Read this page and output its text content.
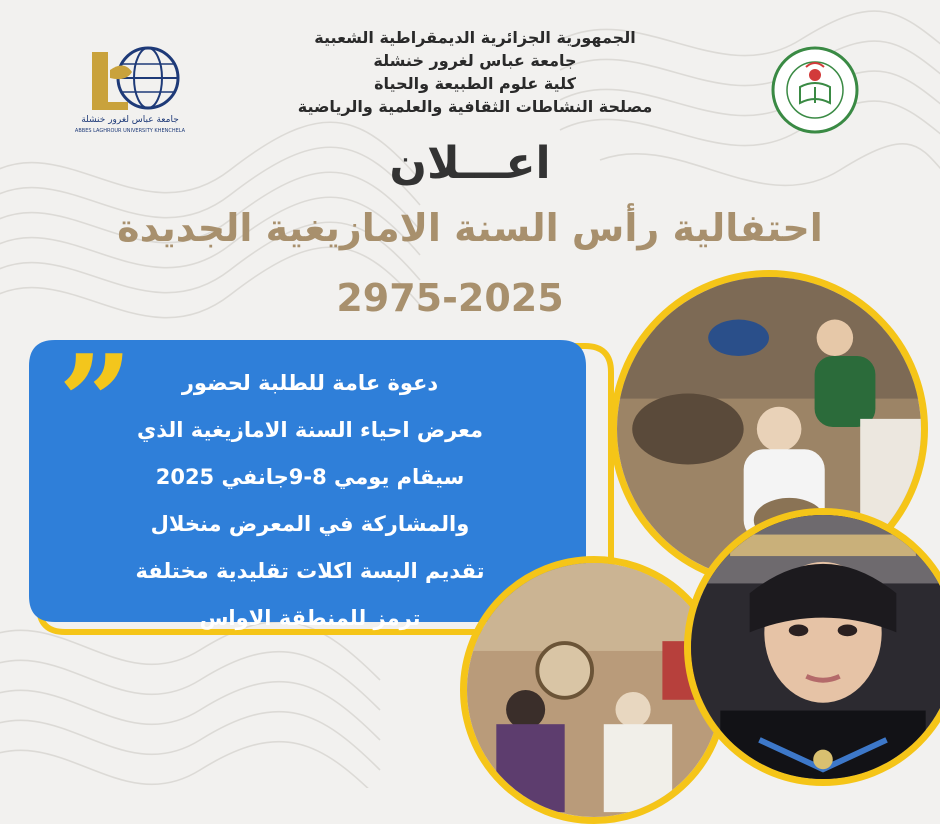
جامعة عباس لغرور خنشلة
ABBES LAGHROUR UNIVERSITY KHENCHELA
الجمهورية الجزائرية الديمقراطية الشعبية
جامعة عباس لغرور خنشلة
كلية علوم الطبيعة والحياة
مصلحة النشاطات الثقافية والعلمية والرياضية
اعـــلان
احتفالية رأس السنة الامازيغية الجديدة
2975-2025
”	دعوة عامة للطلبة لحضور
معرض احياء السنة الامازيغية الذي
سيقام يومي 8-9جانفي 2025
والمشاركة في المعرض منخلال
تقديم البسة اكلات تقليدية مختلفة
ترمز للمنطقة الاواس
